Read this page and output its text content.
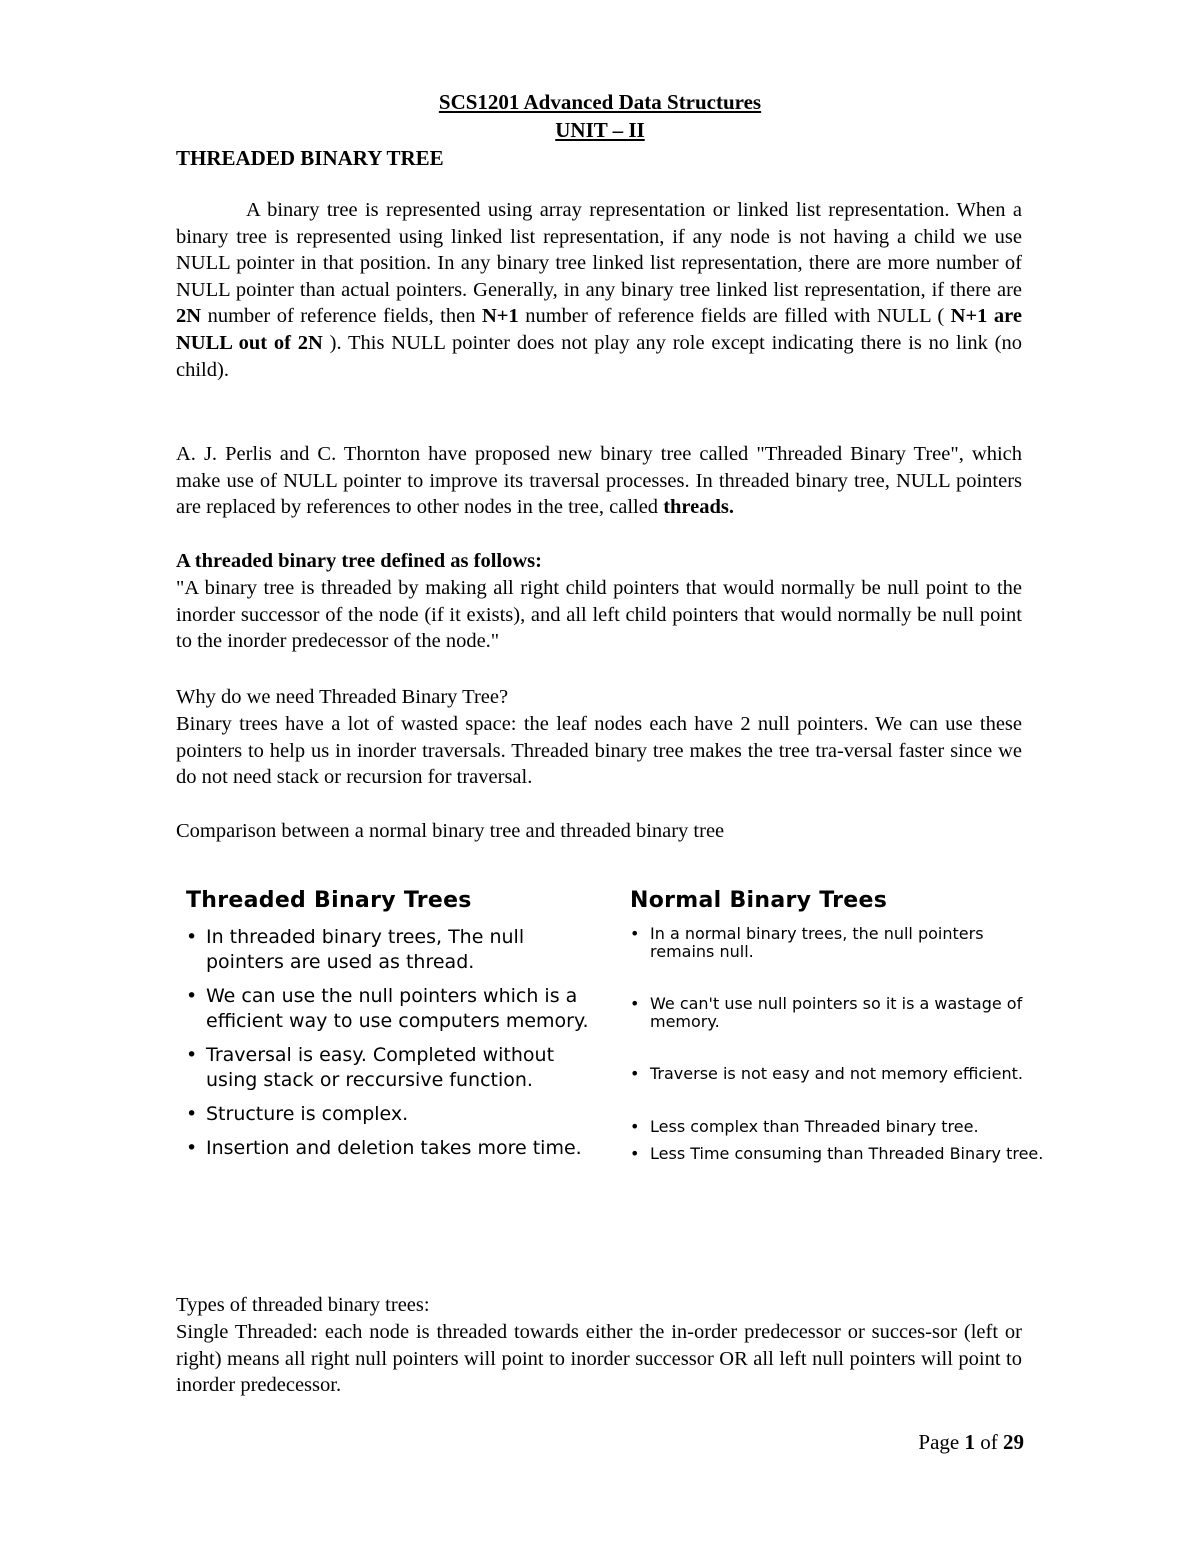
SCS1201 Advanced Data Structures
UNIT – II
THREADED BINARY TREE
A binary tree is represented using array representation or linked list representation. When a binary tree is represented using linked list representation, if any node is not having a child we use NULL pointer in that position. In any binary tree linked list representation, there are more number of NULL pointer than actual pointers. Generally, in any binary tree linked list representation, if there are 2N number of reference fields, then N+1 number of reference fields are filled with NULL ( N+1 are NULL out of 2N ). This NULL pointer does not play any role except indicating there is no link (no child).
A. J. Perlis and C. Thornton have proposed new binary tree called "Threaded Binary Tree", which make use of NULL pointer to improve its traversal processes. In threaded binary tree, NULL pointers are replaced by references to other nodes in the tree, called threads.
A threaded binary tree defined as follows:
"A binary tree is threaded by making all right child pointers that would normally be null point to the inorder successor of the node (if it exists), and all left child pointers that would normally be null point to the inorder predecessor of the node."
Why do we need Threaded Binary Tree?
Binary trees have a lot of wasted space: the leaf nodes each have 2 null pointers. We can use these pointers to help us in inorder traversals. Threaded binary tree makes the tree tra-versal faster since we do not need stack or recursion for traversal.
Comparison between a normal binary tree and threaded binary tree
Threaded Binary Trees
• In threaded binary trees, The null pointers are used as thread.
• We can use the null pointers which is a efficient way to use computers memory.
• Traversal is easy. Completed without using stack or reccursive function.
• Structure is complex.
• Insertion and deletion takes more time.
Normal Binary Trees
• In a normal binary trees, the null pointers remains null.
• We can't use null pointers so it is a wastage of memory.
• Traverse is not easy and not memory efficient.
• Less complex than Threaded binary tree.
• Less Time consuming than Threaded Binary tree.
Types of threaded binary trees:
Single Threaded: each node is threaded towards either the in-order predecessor or succes-sor (left or right) means all right null pointers will point to inorder successor OR all left null pointers will point to inorder predecessor.
Page 1 of 29
